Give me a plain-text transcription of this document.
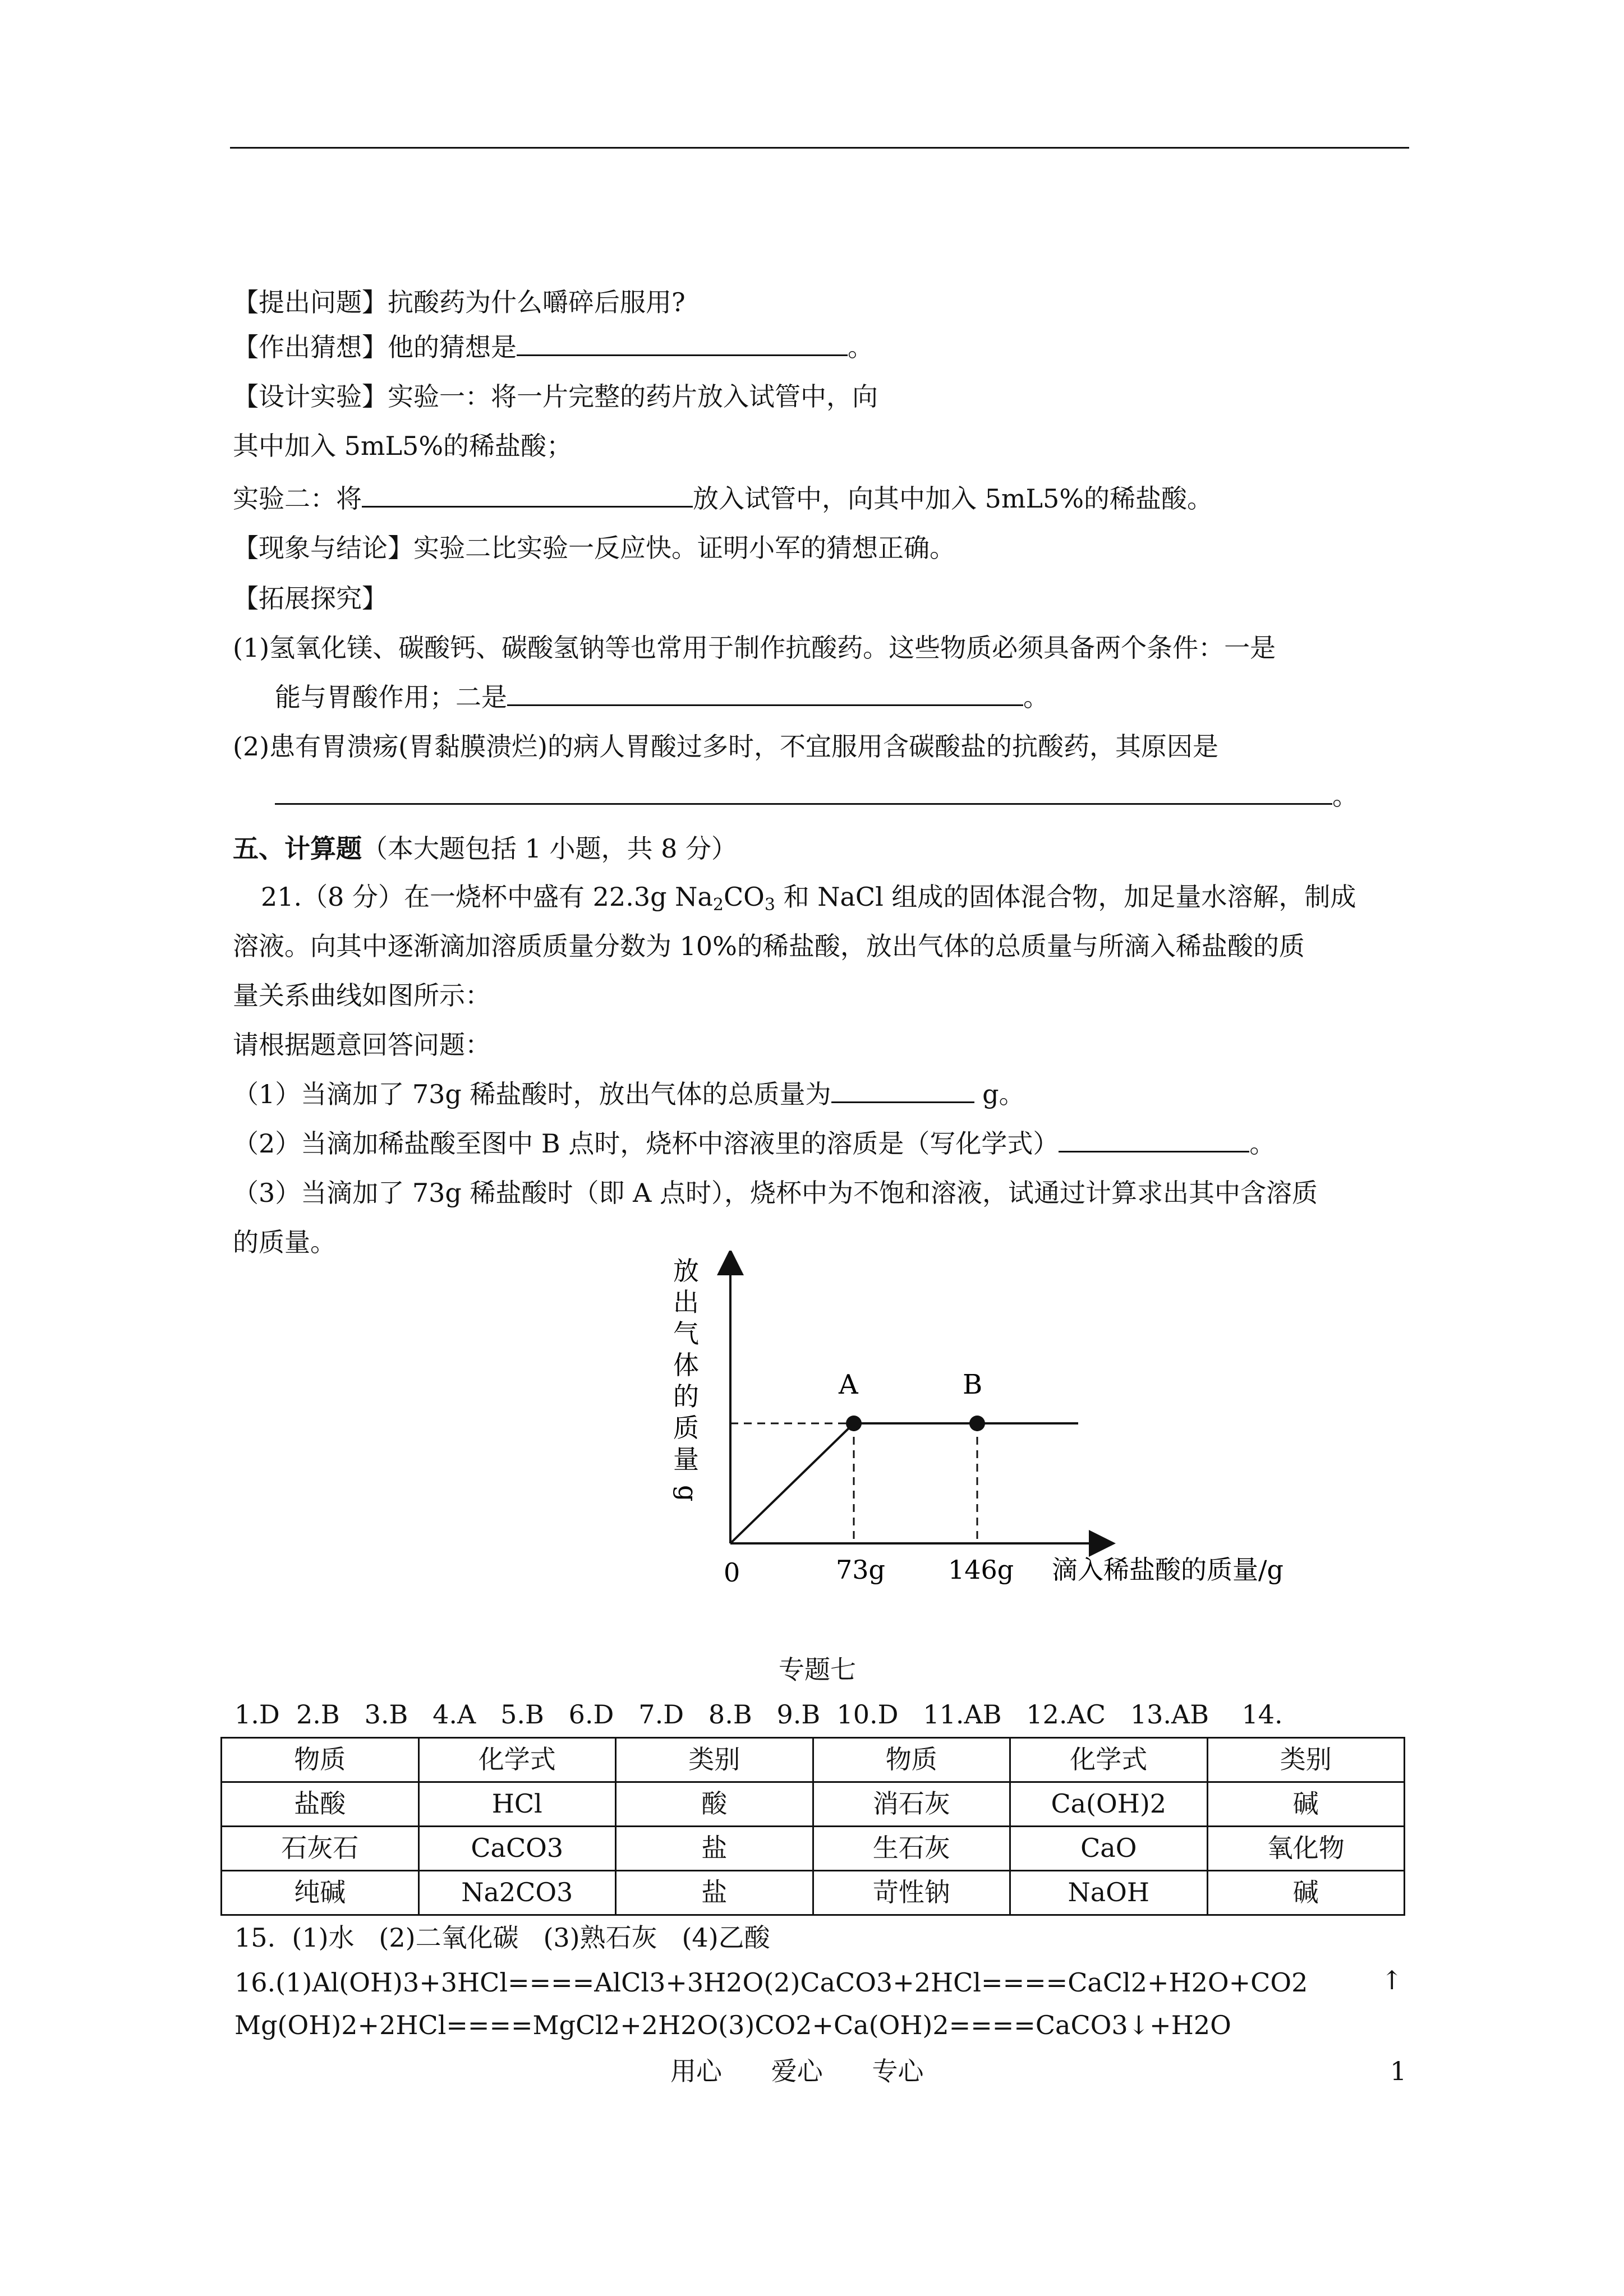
【提出问题】抗酸药为什么嚼碎后服用?
【作出猜想】他的猜想是	。
【设计实验】实验一：将一片完整的药片放入试管中，向
其中加入 5mL5%的稀盐酸；
实验二：将	放入试管中，向其中加入 5mL5%的稀盐酸。
【现象与结论】实验二比实验一反应快。证明小军的猜想正确。
【拓展探究】
(1)氢氧化镁、碳酸钙、碳酸氢钠等也常用于制作抗酸药。这些物质必须具备两个条件：一是
能与胃酸作用；二是	。
(2)患有胃溃疡(胃黏膜溃烂)的病人胃酸过多时，不宜服用含碳酸盐的抗酸药，其原因是
。
五、计算题（本大题包括 1 小题，共 8 分）
21.（8 分）在一烧杯中盛有 22.3g $Na_2CO_3$ 和 NaCl 组成的固体混合物，加足量水溶解，制成
溶液。向其中逐渐滴加溶质质量分数为 10%的稀盐酸，放出气体的总质量与所滴入稀盐酸的质
量关系曲线如图所示：
请根据题意回答问题：
（1）当滴加了 73g 稀盐酸时，放出气体的总质量为	g。
（2）当滴加稀盐酸至图中 B 点时，烧杯中溶液里的溶质是（写化学式）	。
（3）当滴加了 73g 稀盐酸时（即 A 点时），烧杯中为不饱和溶液，试通过计算求出其中含溶质
的质量。
A	B
放
出
气
体
的
质
量
g
0	73g 146g 滴入稀盐酸的质量/g
专题七
1.D  2.B   3.B   4.A   5.B   6.D   7.D   8.B   9.B  10.D   11.AB   12.AC   13.AB    14.
物质	化学式	类别	物质	化学式	类别
盐酸	HCl	酸	消石灰	Ca(OH)2	碱
石灰石	CaCO3	盐	生石灰	CaO	氧化物
纯碱	Na2CO3	盐	苛性钠	NaOH	碱
15.  (1)水   (2)二氧化碳   (3)熟石灰   (4)乙酸
16.(1)Al(OH)3+3HCl====AlCl3+3H2O(2)CaCO3+2HCl====CaCl2+H2O+CO2	↑
Mg(OH)2+2HCl====MgCl2+2H2O(3)CO2+Ca(OH)2====CaCO3↓+H2O
用心      爱心      专心	1
